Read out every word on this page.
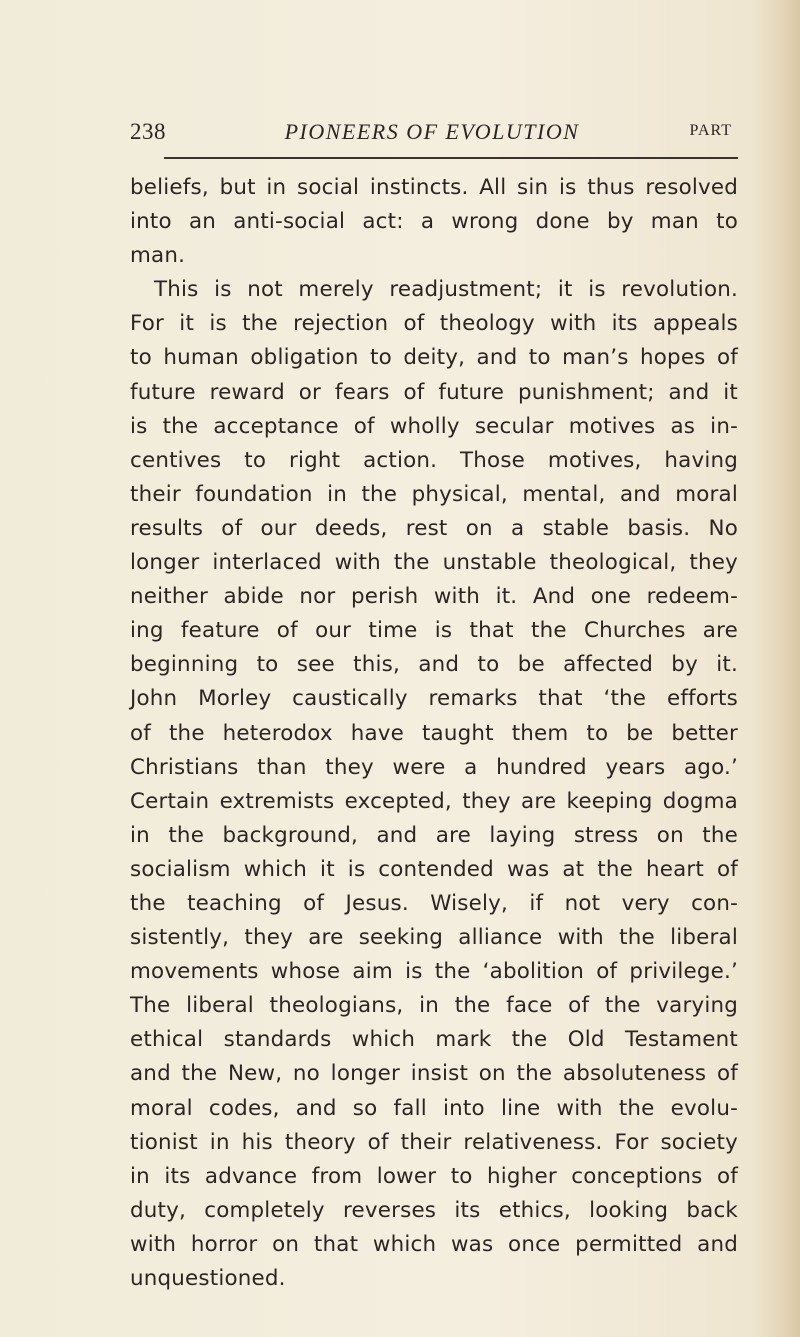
238	PIONEERS OF EVOLUTION	PART
beliefs, but in social instincts. All sin is thus resolved
into an anti-social act: a wrong done by man to
man.
This is not merely readjustment; it is revolution.
For it is the rejection of theology with its appeals
to human obligation to deity, and to man’s hopes of
future reward or fears of future punishment; and it
is the acceptance of wholly secular motives as in-
centives to right action. Those motives, having
their foundation in the physical, mental, and moral
results of our deeds, rest on a stable basis. No
longer interlaced with the unstable theological, they
neither abide nor perish with it. And one redeem-
ing feature of our time is that the Churches are
beginning to see this, and to be affected by it.
John Morley caustically remarks that ‘the efforts
of the heterodox have taught them to be better
Christians than they were a hundred years ago.’
Certain extremists excepted, they are keeping dogma
in the background, and are laying stress on the
socialism which it is contended was at the heart of
the teaching of Jesus. Wisely, if not very con-
sistently, they are seeking alliance with the liberal
movements whose aim is the ‘abolition of privilege.’
The liberal theologians, in the face of the varying
ethical standards which mark the Old Testament
and the New, no longer insist on the absoluteness of
moral codes, and so fall into line with the evolu-
tionist in his theory of their relativeness. For society
in its advance from lower to higher conceptions of
duty, completely reverses its ethics, looking back
with horror on that which was once permitted and
unquestioned.
